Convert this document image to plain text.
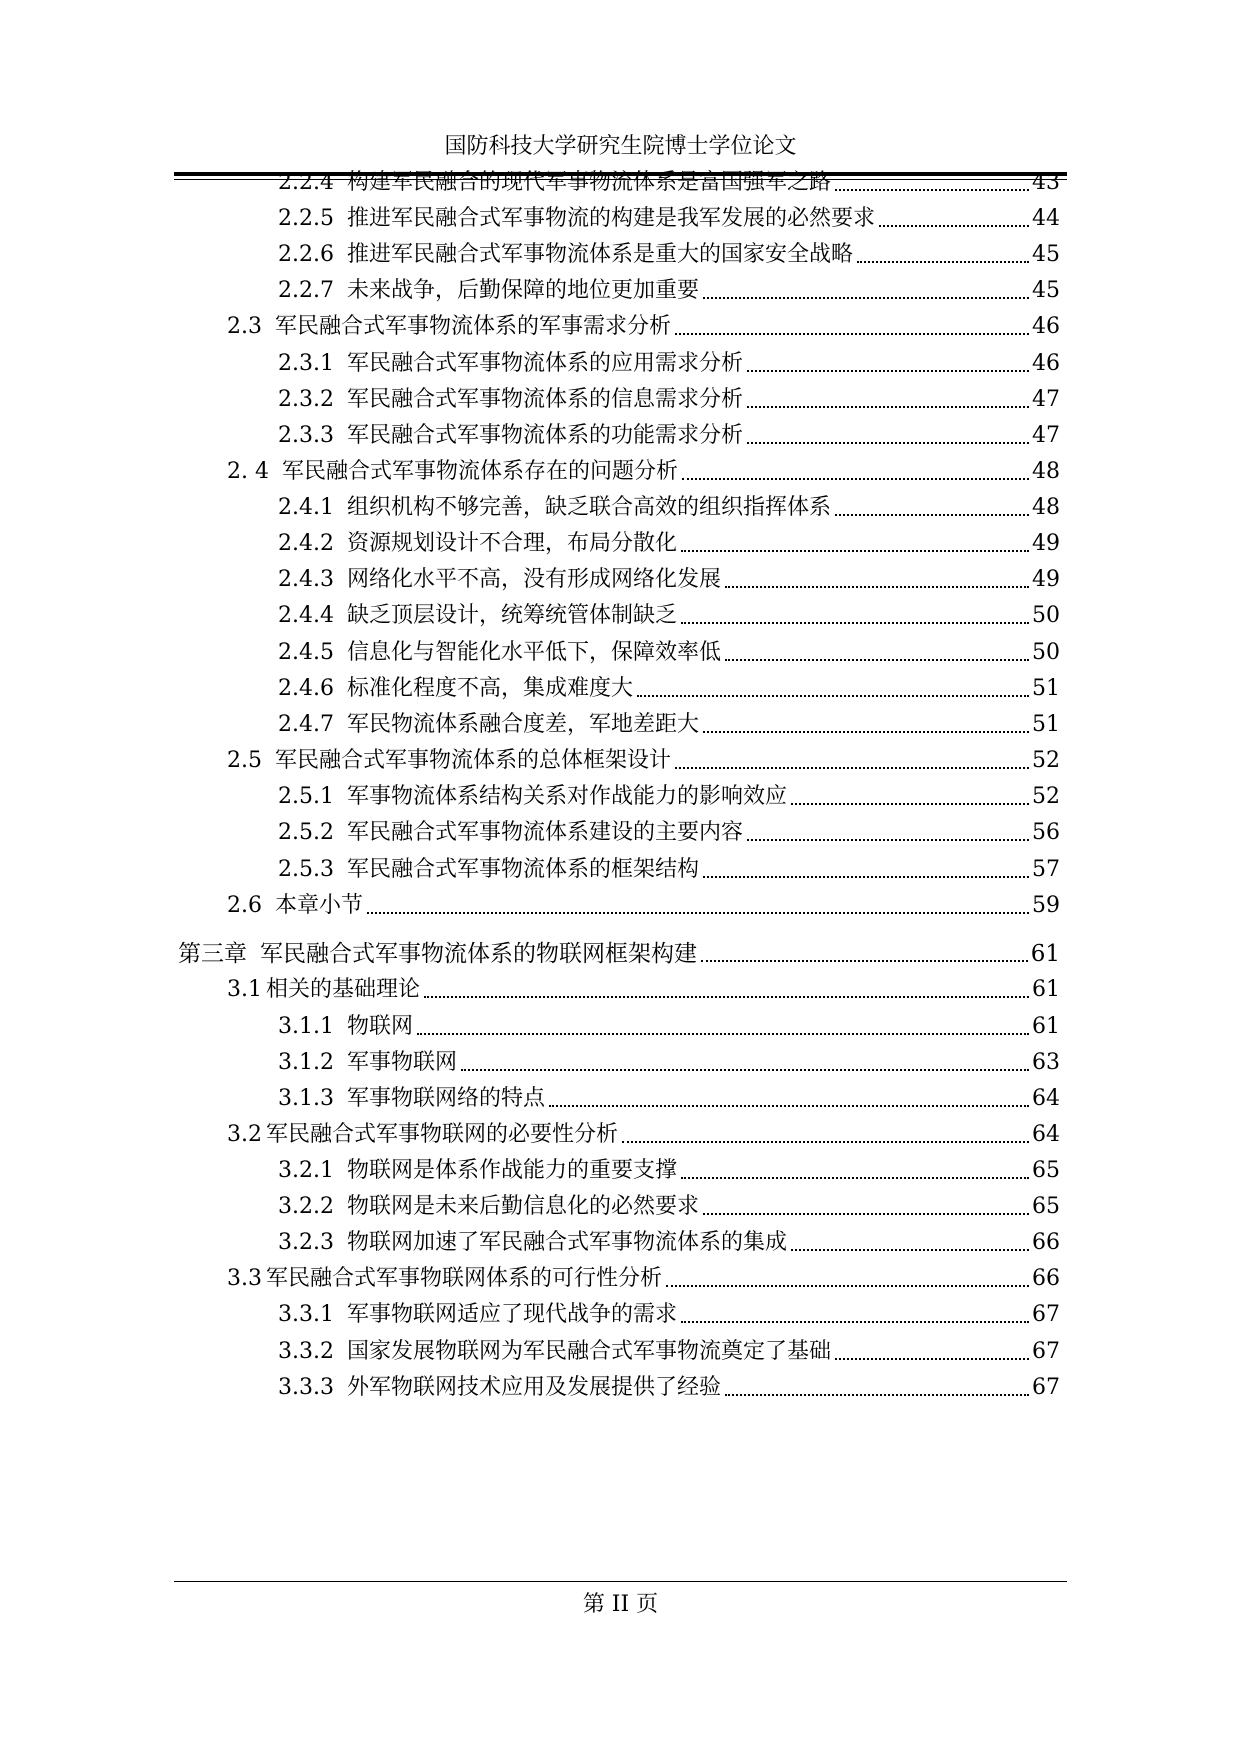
国防科技大学研究生院博士学位论文
2.2.4 构建军民融合的现代军事物流体系是富国强军之路	43
2.2.5 推进军民融合式军事物流的构建是我军发展的必然要求	44
2.2.6 推进军民融合式军事物流体系是重大的国家安全战略	45
2.2.7 未来战争，后勤保障的地位更加重要	45
2.3 军民融合式军事物流体系的军事需求分析	46
2.3.1 军民融合式军事物流体系的应用需求分析	46
2.3.2 军民融合式军事物流体系的信息需求分析	47
2.3.3 军民融合式军事物流体系的功能需求分析	47
2. 4 军民融合式军事物流体系存在的问题分析	48
2.4.1 组织机构不够完善，缺乏联合高效的组织指挥体系	48
2.4.2 资源规划设计不合理，布局分散化	49
2.4.3 网络化水平不高，没有形成网络化发展	49
2.4.4 缺乏顶层设计，统筹统管体制缺乏	50
2.4.5 信息化与智能化水平低下，保障效率低	50
2.4.6 标准化程度不高，集成难度大	51
2.4.7 军民物流体系融合度差，军地差距大	51
2.5 军民融合式军事物流体系的总体框架设计	52
2.5.1 军事物流体系结构关系对作战能力的影响效应	52
2.5.2 军民融合式军事物流体系建设的主要内容	56
2.5.3 军民融合式军事物流体系的框架结构	57
2.6 本章小节	59
第三章 军民融合式军事物流体系的物联网框架构建	61
3.1 相关的基础理论	61
3.1.1 物联网	61
3.1.2 军事物联网	63
3.1.3 军事物联网络的特点	64
3.2 军民融合式军事物联网的必要性分析	64
3.2.1 物联网是体系作战能力的重要支撑	65
3.2.2 物联网是未来后勤信息化的必然要求	65
3.2.3 物联网加速了军民融合式军事物流体系的集成	66
3.3 军民融合式军事物联网体系的可行性分析	66
3.3.1 军事物联网适应了现代战争的需求	67
3.3.2 国家发展物联网为军民融合式军事物流奠定了基础	67
3.3.3 外军物联网技术应用及发展提供了经验	67
第 II 页
